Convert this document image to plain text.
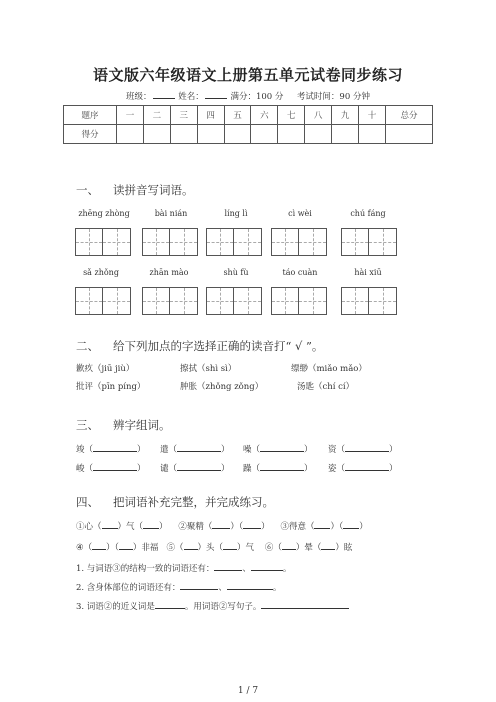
语文版六年级语文上册第五单元试卷同步练习
班级：	姓名：	满分：100 分 考试时间：90 分钟
题序	一	二	三	四	五	六	七	八	九	十	总分
得分											
一、 读拼音写词语。
zhēng zhòng	bài nián	líng lì	cì wèi	chú fáng
sǎ zhǒng	zhān mào	shù fù	táo cuàn	hài xiū
二、 给下列加点的字选择正确的读音打“ √ ”。
歉疚（jiū jiù）	擦拭（shì sì）	缥缈（miǎo mǎo）
批评（pīn píng）	肿胀（zhǒng zǒng）	汤匙（chí cí）
三、 辨字组词。
竣（	） 遣（	） 噪（	） 资（	）
峻（	） 谴（	） 躁（	） 姿（	）
四、 把词语补充完整，并完成练习。
①心（ ）气（ ） ②聚精（ ）（ ） ③得意（ ）（ ）
④（ ）（ ）非福 ⑤（ ）头（ ）气 ⑥（ ）晕（ ）眩
1. 与词语③的结构一致的词语还有：	、	。
2. 含身体部位的词语还有：	、	。
3. 词语②的近义词是	。用词语②写句子。
1 / 7
